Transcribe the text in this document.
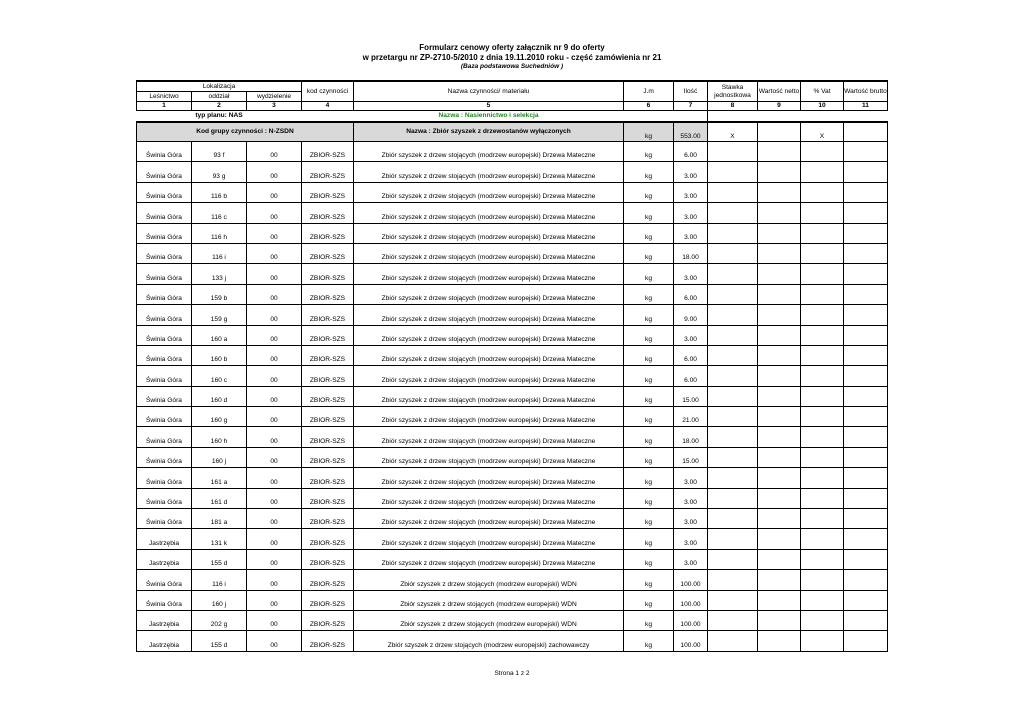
Formularz cenowy oferty załącznik nr 9 do oferty
w przetargu nr ZP-2710-5/2010 z dnia 19.11.2010 roku - część zamówienia nr 21
(Baza podstawowa Suchedniów )
Lokalizacja			kod czynności	Nazwa czynności/ materiału	J.m	Ilość	Stawka jednostkowa	Wartość netto	% Vat	Wartość brutto
Leśnictwo	oddział	wydzielenie								
1	2	3	4	5	6	7	8	9	10	11
typ planu: NAS				Nazwa : Nasiennictwo i selekcja						
Kod grupy czynności : N-ZSDN				Nazwa : Zbiór szyszek z drzewostanów wyłączonych	kg	553.00	X		X	
Świnia Góra	93 f	00	ZBIOR-SZS	Zbiór szyszek z drzew stojących (modrzew europejski) Drzewa Mateczne	kg	6.00				
Świnia Góra	93 g	00	ZBIOR-SZS	Zbiór szyszek z drzew stojących (modrzew europejski) Drzewa Mateczne	kg	3.00				
Świnia Góra	116 b	00	ZBIOR-SZS	Zbiór szyszek z drzew stojących (modrzew europejski) Drzewa Mateczne	kg	3.00				
Świnia Góra	116 c	00	ZBIOR-SZS	Zbiór szyszek z drzew stojących (modrzew europejski) Drzewa Mateczne	kg	3.00				
Świnia Góra	116 h	00	ZBIOR-SZS	Zbiór szyszek z drzew stojących (modrzew europejski) Drzewa Mateczne	kg	3.00				
Świnia Góra	116 i	00	ZBIOR-SZS	Zbiór szyszek z drzew stojących (modrzew europejski) Drzewa Mateczne	kg	18.00				
Świnia Góra	133 j	00	ZBIOR-SZS	Zbiór szyszek z drzew stojących (modrzew europejski) Drzewa Mateczne	kg	3.00				
Świnia Góra	159 b	00	ZBIOR-SZS	Zbiór szyszek z drzew stojących (modrzew europejski) Drzewa Mateczne	kg	6.00				
Świnia Góra	159 g	00	ZBIOR-SZS	Zbiór szyszek z drzew stojących (modrzew europejski) Drzewa Mateczne	kg	9.00				
Świnia Góra	160 a	00	ZBIOR-SZS	Zbiór szyszek z drzew stojących (modrzew europejski) Drzewa Mateczne	kg	3.00				
Świnia Góra	160 b	00	ZBIOR-SZS	Zbiór szyszek z drzew stojących (modrzew europejski) Drzewa Mateczne	kg	6.00				
Świnia Góra	160 c	00	ZBIOR-SZS	Zbiór szyszek z drzew stojących (modrzew europejski) Drzewa Mateczne	kg	6.00				
Świnia Góra	160 d	00	ZBIOR-SZS	Zbiór szyszek z drzew stojących (modrzew europejski) Drzewa Mateczne	kg	15.00				
Świnia Góra	160 g	00	ZBIOR-SZS	Zbiór szyszek z drzew stojących (modrzew europejski) Drzewa Mateczne	kg	21.00				
Świnia Góra	160 h	00	ZBIOR-SZS	Zbiór szyszek z drzew stojących (modrzew europejski) Drzewa Mateczne	kg	18.00				
Świnia Góra	160 j	00	ZBIOR-SZS	Zbiór szyszek z drzew stojących (modrzew europejski) Drzewa Mateczne	kg	15.00				
Świnia Góra	161 a	00	ZBIOR-SZS	Zbiór szyszek z drzew stojących (modrzew europejski) Drzewa Mateczne	kg	3.00				
Świnia Góra	161 d	00	ZBIOR-SZS	Zbiór szyszek z drzew stojących (modrzew europejski) Drzewa Mateczne	kg	3.00				
Świnia Góra	181 a	00	ZBIOR-SZS	Zbiór szyszek z drzew stojących (modrzew europejski) Drzewa Mateczne	kg	3.00				
Jastrzębia	131 k	00	ZBIOR-SZS	Zbiór szyszek z drzew stojących (modrzew europejski) Drzewa Mateczne	kg	3.00				
Jastrzębia	155 d	00	ZBIOR-SZS	Zbiór szyszek z drzew stojących (modrzew europejski) Drzewa Mateczne	kg	3.00				
Świnia Góra	116 i	00	ZBIOR-SZS	Zbiór szyszek z drzew stojących (modrzew europejski) WDN	kg	100.00				
Świnia Góra	160 j	00	ZBIOR-SZS	Zbiór szyszek z drzew stojących (modrzew europejski) WDN	kg	100.00				
Jastrzębia	202 g	00	ZBIOR-SZS	Zbiór szyszek z drzew stojących (modrzew europejski) WDN	kg	100.00				
Jastrzębia	155 d	00	ZBIOR-SZS	Zbiór szyszek z drzew stojących (modrzew europejski) zachowawczy	kg	100.00				
Strona 1 z 2
